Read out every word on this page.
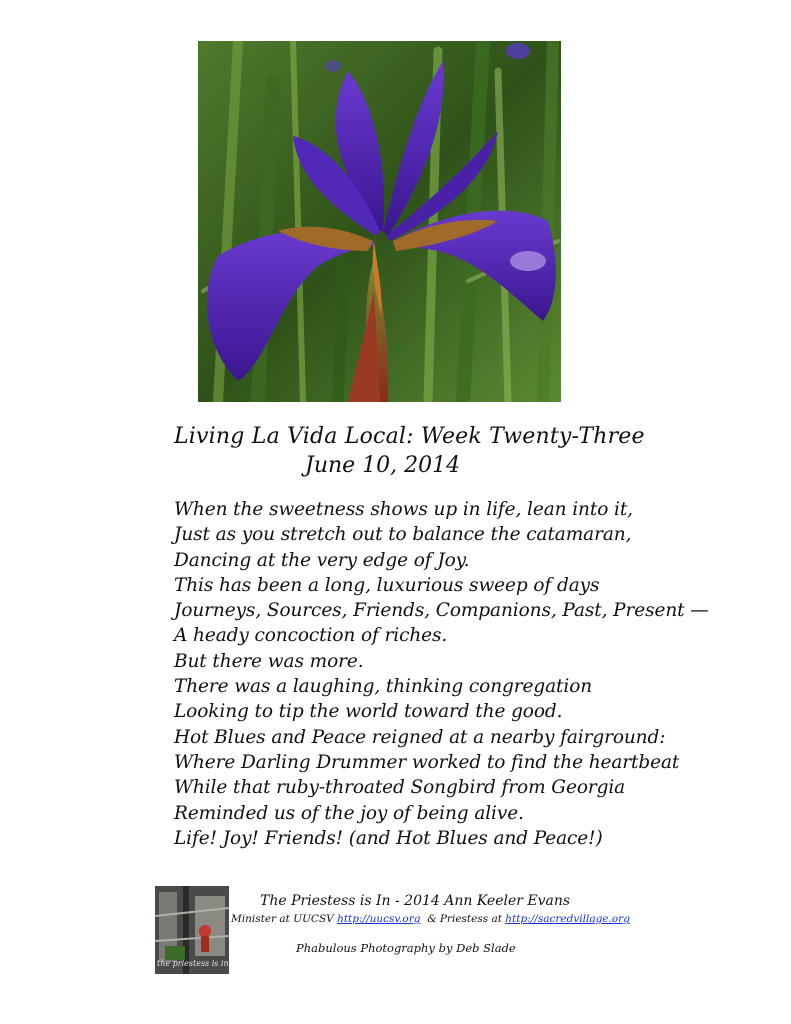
Living La Vida Local: Week Twenty-Three
June 10, 2014
When the sweetness shows up in life, lean into it,
Just as you stretch out to balance the catamaran,
Dancing at the very edge of Joy.
This has been a long, luxurious sweep of days
Journeys, Sources, Friends, Companions, Past, Present —
A heady concoction of riches.
But there was more.
There was a laughing, thinking congregation
Looking to tip the world toward the good.
Hot Blues and Peace reigned at a nearby fairground:
Where Darling Drummer worked to find the heartbeat
While that ruby-throated Songbird from Georgia
Reminded us of the joy of being alive.
Life! Joy! Friends! (and Hot Blues and Peace!)
the priestess is in
The Priestess is In - 2014 Ann Keeler Evans
Minister at UUCSV http://uucsv.org & Priestess at http://sacredvillage.org
Phabulous Photography by Deb Slade
